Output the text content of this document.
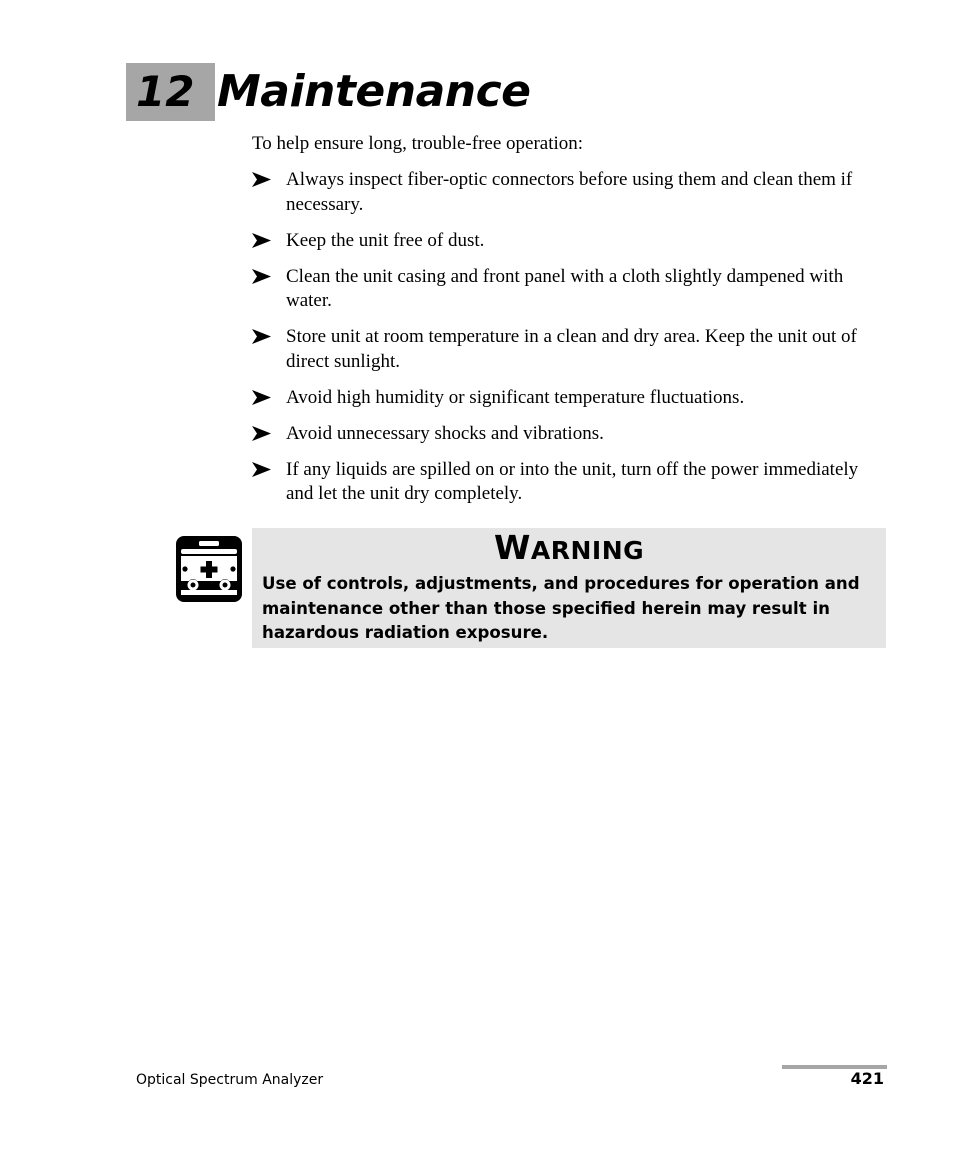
12 Maintenance

To help ensure long, trouble-free operation:

Always inspect fiber-optic connectors before using them and clean them if necessary.
Keep the unit free of dust.
Clean the unit casing and front panel with a cloth slightly dampened with water.
Store unit at room temperature in a clean and dry area. Keep the unit out of direct sunlight.
Avoid high humidity or significant temperature fluctuations.
Avoid unnecessary shocks and vibrations.
If any liquids are spilled on or into the unit, turn off the power immediately and let the unit dry completely.
WARNING

Use of controls, adjustments, and procedures for operation and maintenance other than those specified herein may result in hazardous radiation exposure.

Optical Spectrum Analyzer	421
